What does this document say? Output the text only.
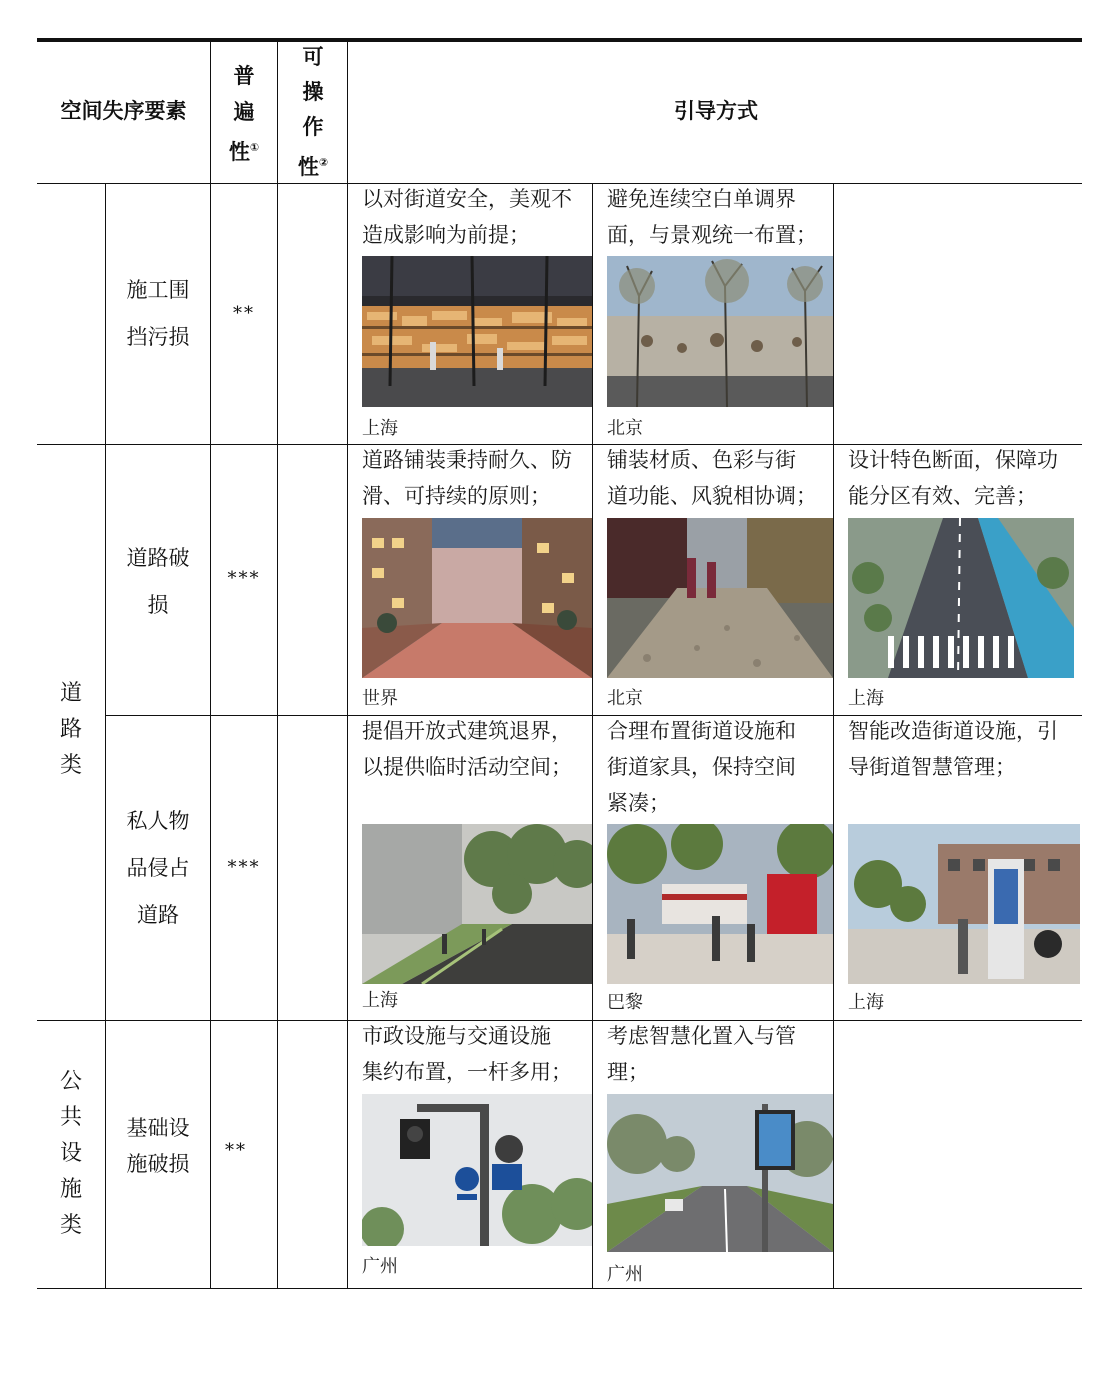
空间失序要素
普
遍
性①
可
操
作
性②
引导方式
道
路
类
公
共
设
施
类
施工围
挡污损
**
以对街道安全，美观不
造成影响为前提；
上海
避免连续空白单调界
面，与景观统一布置；
北京
道路破
损
***
道路铺装秉持耐久、防
滑、可持续的原则；
世界
铺装材质、色彩与街
道功能、风貌相协调；
北京
设计特色断面，保障功
能分区有效、完善；
上海
私人物
品侵占
道路
***
提倡开放式建筑退界，
以提供临时活动空间；
上海
合理布置街道设施和
街道家具，保持空间
紧凑；
巴黎
智能改造街道设施，引
导街道智慧管理；
上海
基础设
施破损
**
市政设施与交通设施
集约布置，一杆多用；
广州
考虑智慧化置入与管
理；
广州
